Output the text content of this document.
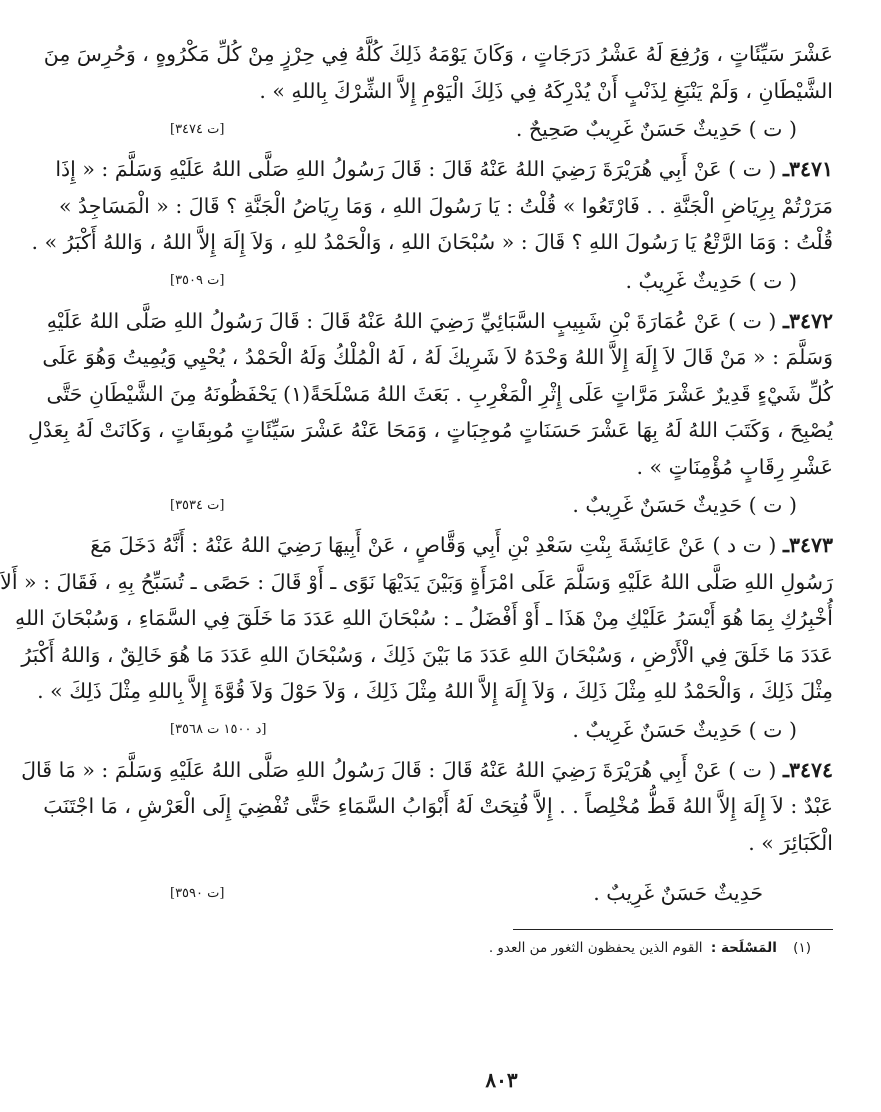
عَشْرَ سَيِّئَاتٍ ، وَرُفِعَ لَهُ عَشْرُ دَرَجَاتٍ ، وَكَانَ يَوْمَهُ ذَلِكَ كُلَّهُ فِي حِرْزٍ مِنْ كُلِّ مَكْرُوهٍ ، وَحُرِسَ مِنَ
الشَّيْطَانِ ، وَلَمْ يَنْبَغِ لِذَنْبٍ أَنْ يُدْرِكَهُ فِي ذَلِكَ الْيَوْمِ إِلاَّ الشِّرْكَ بِاللهِ » .
( ت ) حَدِيثٌ حَسَنٌ غَرِيبٌ صَحِيحٌ .
[ ت ٣٤٧٤ ]
٣٤٧١ـ ( ت ) عَنْ أَبِي هُرَيْرَةَ رَضِيَ اللهُ عَنْهُ قَالَ : قَالَ رَسُولُ اللهِ صَلَّى اللهُ عَلَيْهِ وَسَلَّمَ : « إِذَا
مَرَرْتُمْ بِرِيَاضِ الْجَنَّةِ . . فَارْتَعُوا » قُلْتُ : يَا رَسُولَ اللهِ ، وَمَا رِيَاضُ الْجَنَّةِ ؟ قَالَ : « الْمَسَاجِدُ »
قُلْتُ : وَمَا الرَّتْعُ يَا رَسُولَ اللهِ ؟ قَالَ : « سُبْحَانَ اللهِ ، وَالْحَمْدُ للهِ ، وَلاَ إِلَهَ إِلاَّ اللهُ ، وَاللهُ أَكْبَرُ » .
( ت ) حَدِيثٌ غَرِيبٌ .
[ ت ٣٥٠٩ ]
٣٤٧٢ـ ( ت ) عَنْ عُمَارَةَ بْنِ شَبِيبٍ السَّبَائِيِّ رَضِيَ اللهُ عَنْهُ قَالَ : قَالَ رَسُولُ اللهِ صَلَّى اللهُ عَلَيْهِ
وَسَلَّمَ : « مَنْ قَالَ لاَ إِلَهَ إِلاَّ اللهُ وَحْدَهُ لاَ شَرِيكَ لَهُ ، لَهُ الْمُلْكُ وَلَهُ الْحَمْدُ ، يُحْيِي وَيُمِيتُ وَهُوَ عَلَى
كُلِّ شَيْءٍ قَدِيرٌ عَشْرَ مَرَّاتٍ عَلَى إِثْرِ الْمَغْرِبِ . بَعَثَ اللهُ مَسْلَحَةً(١) يَحْفَظُونَهُ مِنَ الشَّيْطَانِ حَتَّى
يُصْبِحَ ، وَكَتَبَ اللهُ لَهُ بِهَا عَشْرَ حَسَنَاتٍ مُوجِبَاتٍ ، وَمَحَا عَنْهُ عَشْرَ سَيِّئَاتٍ مُوبِقَاتٍ ، وَكَانَتْ لَهُ بِعَدْلِ
عَشْرِ رِقَابٍ مُؤْمِنَاتٍ » .
( ت ) حَدِيثٌ حَسَنٌ غَرِيبٌ .
[ ت ٣٥٣٤ ]
٣٤٧٣ـ ( ت د ) عَنْ عَائِشَةَ بِنْتِ سَعْدِ بْنِ أَبِي وَقَّاصٍ ، عَنْ أَبِيهَا رَضِيَ اللهُ عَنْهُ : أَنَّهُ دَخَلَ مَعَ
رَسُولِ اللهِ صَلَّى اللهُ عَلَيْهِ وَسَلَّمَ عَلَى امْرَأَةٍ وَبَيْنَ يَدَيْهَا نَوًى ـ أَوْ قَالَ : حَصًى ـ تُسَبِّحُ بِهِ ، فَقَالَ : « أَلاَ
أُخْبِرُكِ بِمَا هُوَ أَيْسَرُ عَلَيْكِ مِنْ هَذَا ـ أَوْ أَفْضَلُ ـ : سُبْحَانَ اللهِ عَدَدَ مَا خَلَقَ فِي السَّمَاءِ ، وَسُبْحَانَ اللهِ
عَدَدَ مَا خَلَقَ فِي الْأَرْضِ ، وَسُبْحَانَ اللهِ عَدَدَ مَا بَيْنَ ذَلِكَ ، وَسُبْحَانَ اللهِ عَدَدَ مَا هُوَ خَالِقٌ ، وَاللهُ أَكْبَرُ
مِثْلَ ذَلِكَ ، وَالْحَمْدُ للهِ مِثْلَ ذَلِكَ ، وَلاَ إِلَهَ إِلاَّ اللهُ مِثْلَ ذَلِكَ ، وَلاَ حَوْلَ وَلاَ قُوَّةَ إِلاَّ بِاللهِ مِثْلَ ذَلِكَ » .
( ت ) حَدِيثٌ حَسَنٌ غَرِيبٌ .
[ د ١٥٠٠ ت ٣٥٦٨ ]
٣٤٧٤ـ ( ت ) عَنْ أَبِي هُرَيْرَةَ رَضِيَ اللهُ عَنْهُ قَالَ : قَالَ رَسُولُ اللهِ صَلَّى اللهُ عَلَيْهِ وَسَلَّمَ : « مَا قَالَ
عَبْدٌ : لاَ إِلَهَ إِلاَّ اللهُ قَطُّ مُخْلِصاً . . إِلاَّ فُتِحَتْ لَهُ أَبْوَابُ السَّمَاءِ حَتَّى تُفْضِيَ إِلَى الْعَرْشِ ، مَا اجْتَنَبَ
الْكَبَائِرَ » .
حَدِيثٌ حَسَنٌ غَرِيبٌ .
[ ت ٣٥٩٠ ]
(١) المَسْلَحة : القوم الذين يحفظون الثغور من العدو .
٨٠٣
